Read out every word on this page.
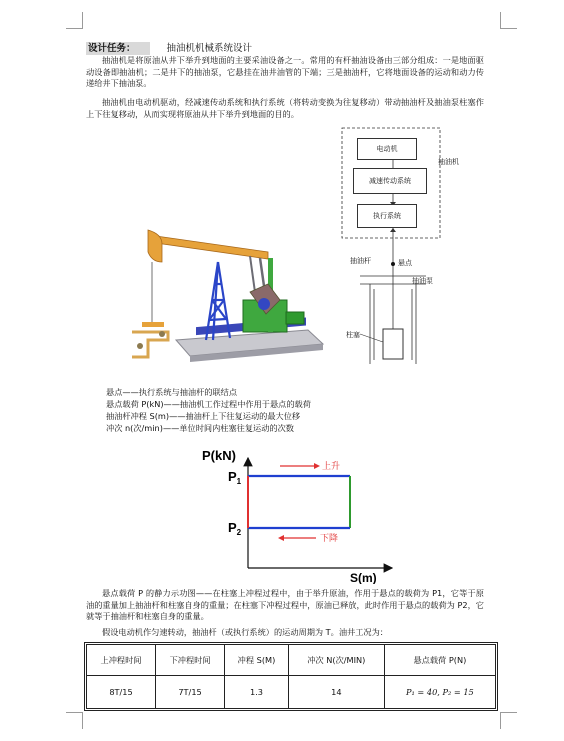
设计任务：	抽油机机械系统设计
抽油机是将原油从井下举升到地面的主要采油设备之一。常用的有杆抽油设备由三部分组成：一是地面驱动设备即抽油机；二是井下的抽油泵，它悬挂在油井油管的下端；三是抽油杆，它将地面设备的运动和动力传递给井下抽油泵。
抽油机由电动机驱动，经减速传动系统和执行系统（将转动变换为往复移动）带动抽油杆及抽油泵柱塞作上下往复移动，从而实现将原油从井下举升到地面的目的。
电动机
减速传动系统
执行系统
抽油机
抽油杆	悬点
抽油泵
柱塞
悬点——执行系统与抽油杆的联结点
悬点载荷 P(kN)——抽油机工作过程中作用于悬点的载荷
抽油杆冲程 S(m)——抽油杆上下往复运动的最大位移
冲次 n(次/min)——单位时间内柱塞往复运动的次数
P(kN)
S(m)
$P_1$
$P_2$
上升
下降
悬点载荷 P 的静力示功图——在柱塞上冲程过程中，由于举升原油，作用于悬点的载荷为 P1，它等于原油的重量加上抽油杆和柱塞自身的重量；在柱塞下冲程过程中，原油已释放，此时作用于悬点的载荷为 P2，它就等于抽油杆和柱塞自身的重量。
假设电动机作匀速转动，抽油杆（或执行系统）的运动周期为 T。油井工况为：
上冲程时间	下冲程时间	冲程 S(M)	冲次 N(次/MIN)	悬点载荷 P(N)
8T/15	7T/15	1.3	14	P₁ = 40, P₂ = 15
